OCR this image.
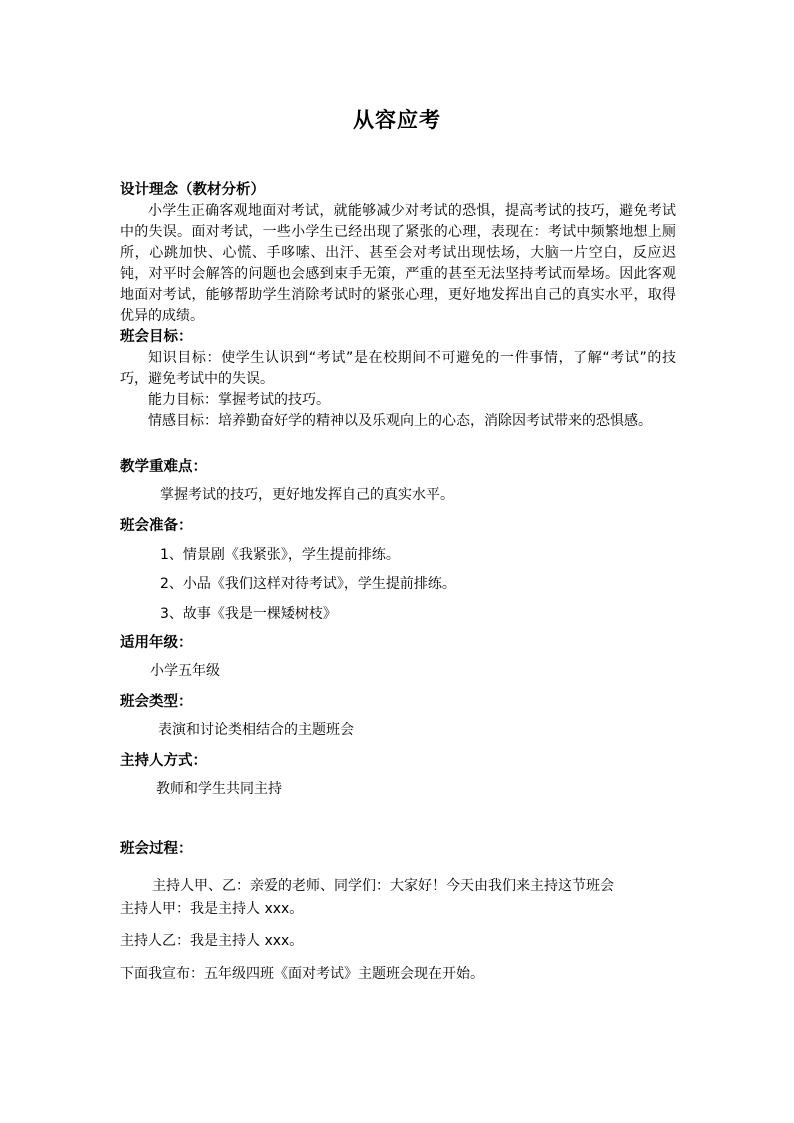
从容应考
设计理念（教材分析）
小学生正确客观地面对考试，就能够减少对考试的恐惧，提高考试的技巧，避免考试中的失误。面对考试，一些小学生已经出现了紧张的心理，表现在：考试中频繁地想上厕所，心跳加快、心慌、手哆嗦、出汗、甚至会对考试出现怯场，大脑一片空白，反应迟钝，对平时会解答的问题也会感到束手无策，严重的甚至无法坚持考试而晕场。因此客观地面对考试，能够帮助学生消除考试时的紧张心理，更好地发挥出自己的真实水平，取得优异的成绩。
班会目标：
知识目标：使学生认识到“考试”是在校期间不可避免的一件事情，了解“考试”的技巧，避免考试中的失误。
能力目标：掌握考试的技巧。
情感目标：培养勤奋好学的精神以及乐观向上的心态，消除因考试带来的恐惧感。
教学重难点：
掌握考试的技巧，更好地发挥自己的真实水平。
班会准备：
1、情景剧《我紧张》，学生提前排练。
2、小品《我们这样对待考试》，学生提前排练。
3、故事《我是一棵矮树枝》
适用年级：
小学五年级
班会类型：
表演和讨论类相结合的主题班会
主持人方式：
教师和学生共同主持
班会过程：
主持人甲、乙：亲爱的老师、同学们：大家好！今天由我们来主持这节班会
主持人甲：我是主持人 xxx。
主持人乙：我是主持人 xxx。
下面我宣布：五年级四班《面对考试》主题班会现在开始。
